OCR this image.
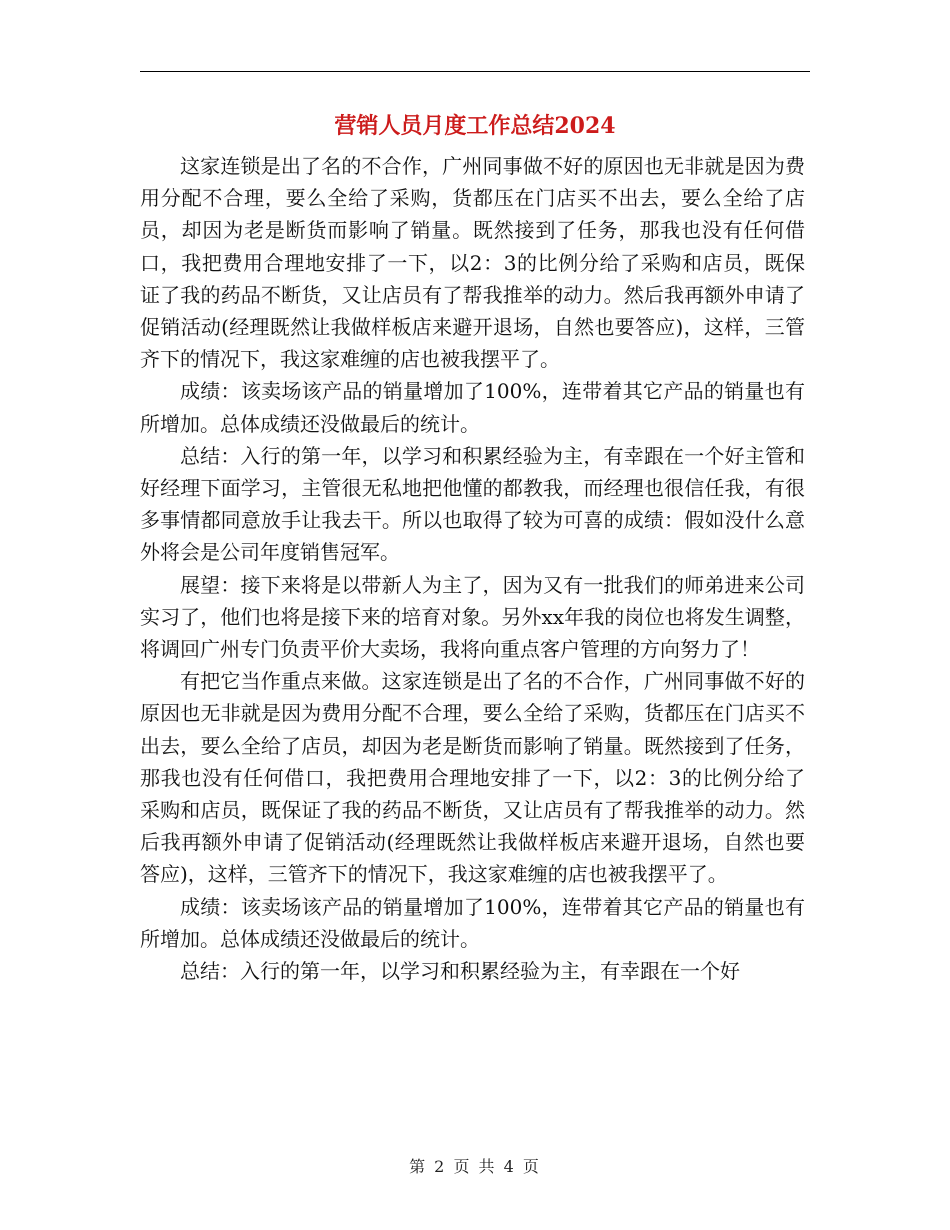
营销人员月度工作总结2024

这家连锁是出了名的不合作，广州同事做不好的原因也无非就是因为费用分配不合理，要么全给了采购，货都压在门店买不出去，要么全给了店员，却因为老是断货而影响了销量。既然接到了任务，那我也没有任何借口，我把费用合理地安排了一下，以2：3的比例分给了采购和店员，既保证了我的药品不断货，又让店员有了帮我推举的动力。然后我再额外申请了促销活动(经理既然让我做样板店来避开退场，自然也要答应)，这样，三管齐下的情况下，我这家难缠的店也被我摆平了。

成绩：该卖场该产品的销量增加了100%，连带着其它产品的销量也有所增加。总体成绩还没做最后的统计。

总结：入行的第一年，以学习和积累经验为主，有幸跟在一个好主管和好经理下面学习，主管很无私地把他懂的都教我，而经理也很信任我，有很多事情都同意放手让我去干。所以也取得了较为可喜的成绩：假如没什么意外将会是公司年度销售冠军。

展望：接下来将是以带新人为主了，因为又有一批我们的师弟进来公司实习了，他们也将是接下来的培育对象。另外xx年我的岗位也将发生调整，将调回广州专门负责平价大卖场，我将向重点客户管理的方向努力了！

有把它当作重点来做。这家连锁是出了名的不合作，广州同事做不好的原因也无非就是因为费用分配不合理，要么全给了采购，货都压在门店买不出去，要么全给了店员，却因为老是断货而影响了销量。既然接到了任务，那我也没有任何借口，我把费用合理地安排了一下，以2：3的比例分给了采购和店员，既保证了我的药品不断货，又让店员有了帮我推举的动力。然后我再额外申请了促销活动(经理既然让我做样板店来避开退场，自然也要答应)，这样，三管齐下的情况下，我这家难缠的店也被我摆平了。

成绩：该卖场该产品的销量增加了100%，连带着其它产品的销量也有所增加。总体成绩还没做最后的统计。

总结：入行的第一年，以学习和积累经验为主，有幸跟在一个好

第 2 页 共 4 页
